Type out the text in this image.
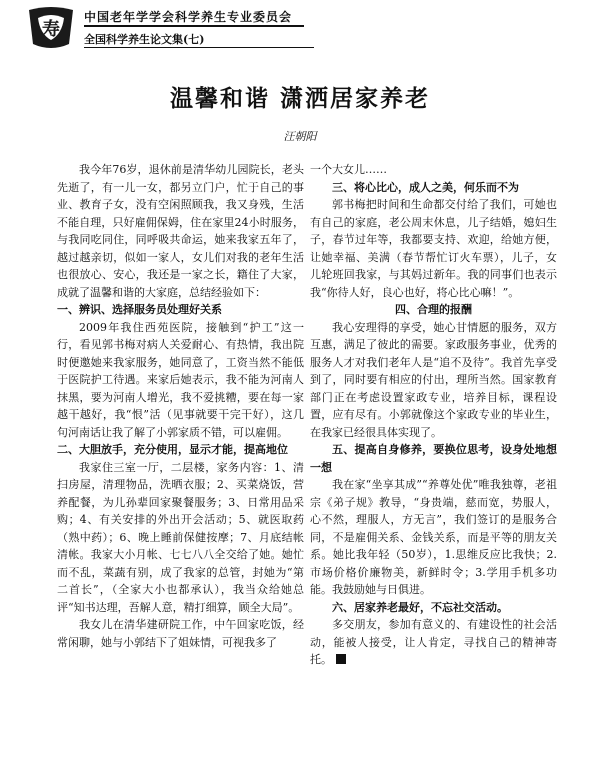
寿
中国老年学学会科学养生专业委员会
全国科学养生论文集(七)
温馨和谐 潇洒居家养老
汪朝阳

我今年76岁，退休前是清华幼儿园院长，老头先逝了，有一儿一女，都另立门户，忙于自己的事业、教育子女，没有空闲照顾我，我又身残，生活不能自理，只好雇佣保姆，住在家里24小时服务，与我同吃同住，同呼吸共命运，她来我家五年了，越过越亲切，似如一家人，女儿们对我的老年生活也很放心、安心，我还是一家之长，籍住了大家，成就了温馨和谐的大家庭，总结经验如下：

一、辨识、选择服务员处理好关系

2009年我住西苑医院，接触到“护工”这一行，看见郭书梅对病人关爱耐心、有热情，我出院时便邀她来我家服务，她同意了，工资当然不能低于医院护工待遇。来家后她表示，我不能为河南人抹黑，要为河南人增光，我不爱挑糟，要在每一家越干越好，我“恨”活（见事就要干完干好），这几句河南话让我了解了小郭家质不错，可以雇佣。

二、大胆放手，充分使用，显示才能，提高地位

我家住三室一厅，二层楼，家务内容：1、清扫房屋，清理物品，洗晒衣服；2、买菜烧饭，营养配餐，为儿孙辈回家聚餐服务；3、日常用品采购；4、有关安排的外出开会活动；5、就医取药（熟中药）；6、晚上睡前保健按摩；7、月底结帐清帐。我家大小月帐、七七八八全交给了她。她忙而不乱，菜蔬有别，成了我家的总管，封她为“第二首长”，（全家大小也都承认），我当众给她总评“知书达理，吾解人意，精打细算，顾全大局”。

我女儿在清华建研院工作，中午回家吃饭，经常闲聊，她与小郭结下了姐妹情，可视我多了

一个大女儿……

三、将心比心，成人之美，何乐而不为

郭书梅把时间和生命都交付给了我们，可她也有自己的家庭，老公周末休息，儿子结婚，媳妇生子，春节过年等，我都要支持、欢迎，给她方便，让她幸福、美满（春节帮忙订火车票），儿子，女儿轮班回我家，与其妈过新年。我的同事们也表示我“你待人好，良心也好，将心比心嘛！”。

四、合理的报酬

我心安理得的享受，她心甘情愿的服务，双方互惠，满足了彼此的需要。家政服务事业，优秀的服务人才对我们老年人是“追不及待”。我首先享受到了，同时要有相应的付出，理所当然。国家教育部门正在考虑设置家政专业，培养目标，课程设置，应有尽有。小郭就像这个家政专业的毕业生，在我家已经很具体实现了。

五、提高自身修养，要换位思考，设身处地想一想

我在家“坐享其成”“养尊处优”唯我独尊，老祖宗《弟子规》教导，“身贵端，慈而宽，势服人，心不然，理服人，方无言”，我们签订的是服务合同，不是雇佣关系、金钱关系，而是平等的朋友关系。她比我年轻（50岁），1.思维反应比我快；2.市场价格价廉物美，新鲜时令；3.学用手机多功能。我鼓励她与日俱进。

六、居家养老最好，不忘社交活动。

多交朋友，参加有意义的、有建设性的社会活动，能被人接受，让人肯定，寻找自己的精神寄托。
